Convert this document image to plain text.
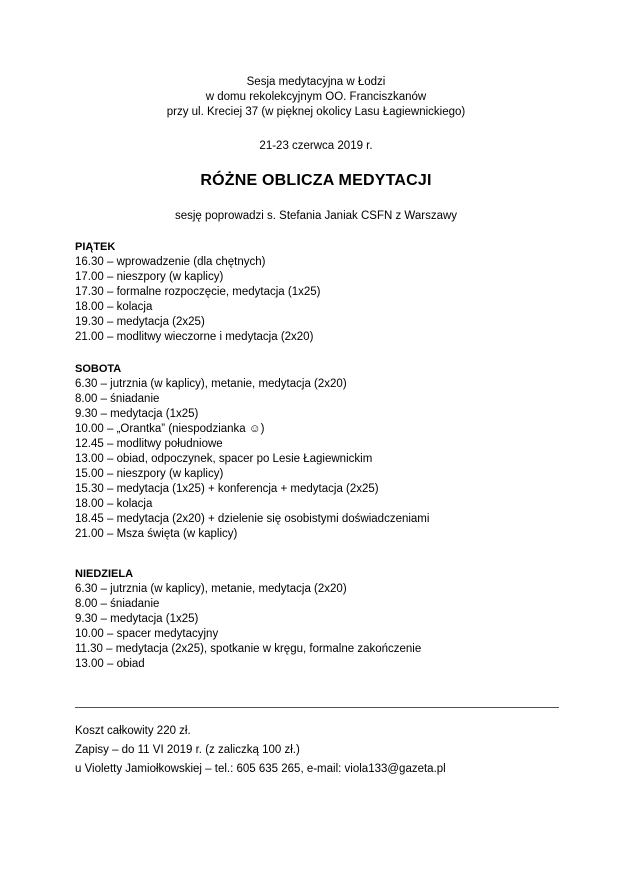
Sesja medytacyjna w Łodzi
w domu rekolekcyjnym OO. Franciszkanów
przy ul. Kreciej 37 (w pięknej okolicy Lasu Łagiewnickiego)
21-23 czerwca 2019 r.
RÓŻNE OBLICZA MEDYTACJI
sesję poprowadzi s. Stefania Janiak CSFN z Warszawy
PIĄTEK
16.30 – wprowadzenie (dla chętnych)
17.00 – nieszpory (w kaplicy)
17.30 – formalne rozpoczęcie, medytacja (1x25)
18.00 – kolacja
19.30 – medytacja (2x25)
21.00 – modlitwy wieczorne i medytacja (2x20)
SOBOTA
6.30 – jutrznia (w kaplicy), metanie, medytacja (2x20)
8.00 – śniadanie
9.30 – medytacja (1x25)
10.00 – „Orantka” (niespodzianka ☺)
12.45 – modlitwy południowe
13.00 – obiad, odpoczynek, spacer po Lesie Łagiewnickim
15.00 – nieszpory (w kaplicy)
15.30 – medytacja (1x25) + konferencja + medytacja (2x25)
18.00 – kolacja
18.45 – medytacja (2x20) + dzielenie się osobistymi doświadczeniami
21.00 – Msza święta (w kaplicy)
NIEDZIELA
6.30 – jutrznia (w kaplicy), metanie, medytacja (2x20)
8.00 – śniadanie
9.30 – medytacja (1x25)
10.00 – spacer medytacyjny
11.30 – medytacja (2x25), spotkanie w kręgu, formalne zakończenie
13.00 – obiad
Koszt całkowity 220 zł.
Zapisy – do 11 VI 2019 r. (z zaliczką 100 zł.)
u Violetty Jamiołkowskiej – tel.: 605 635 265, e-mail: viola133@gazeta.pl
